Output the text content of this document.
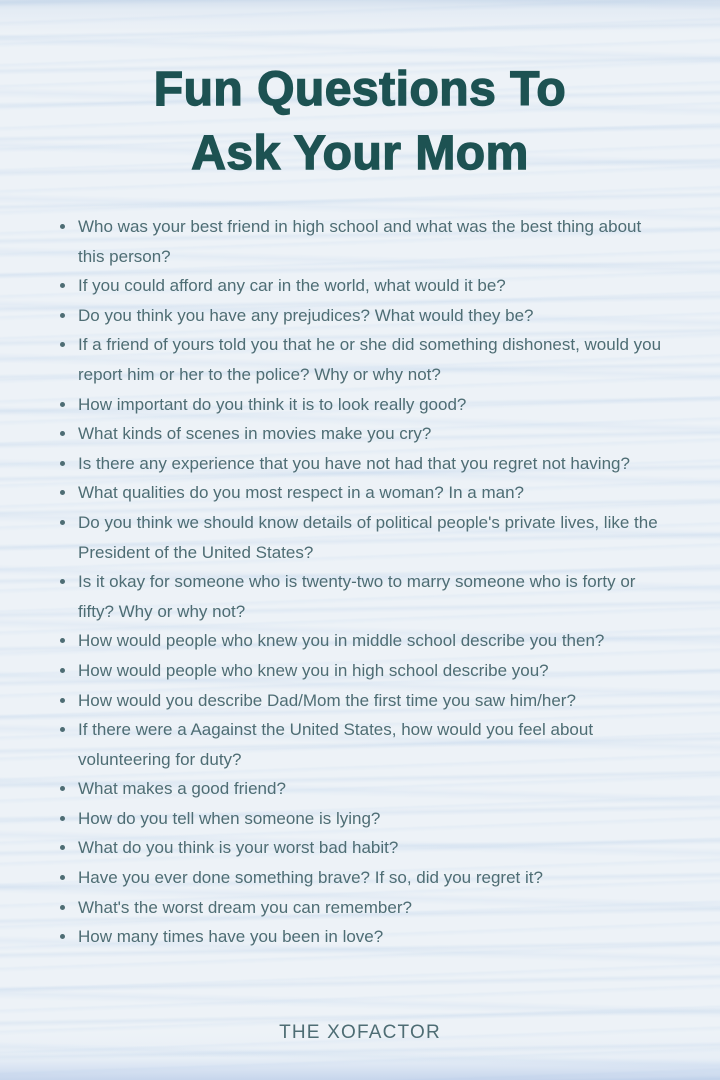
Fun Questions To
Ask Your Mom
Who was your best friend in high school and what was the best thing about this person?
If you could afford any car in the world, what would it be?
Do you think you have any prejudices? What would they be?
If a friend of yours told you that he or she did something dishonest, would you report him or her to the police? Why or why not?
How important do you think it is to look really good?
What kinds of scenes in movies make you cry?
Is there any experience that you have not had that you regret not having?
What qualities do you most respect in a woman? In a man?
Do you think we should know details of political people's private lives, like the President of the United States?
Is it okay for someone who is twenty-two to marry someone who is forty or fifty? Why or why not?
How would people who knew you in middle school describe you then?
How would people who knew you in high school describe you?
How would you describe Dad/Mom the first time you saw him/her?
If there were a Aagainst the United States, how would you feel about volunteering for duty?
What makes a good friend?
How do you tell when someone is lying?
What do you think is your worst bad habit?
Have you ever done something brave? If so, did you regret it?
What's the worst dream you can remember?
How many times have you been in love?
THE XOFACTOR
